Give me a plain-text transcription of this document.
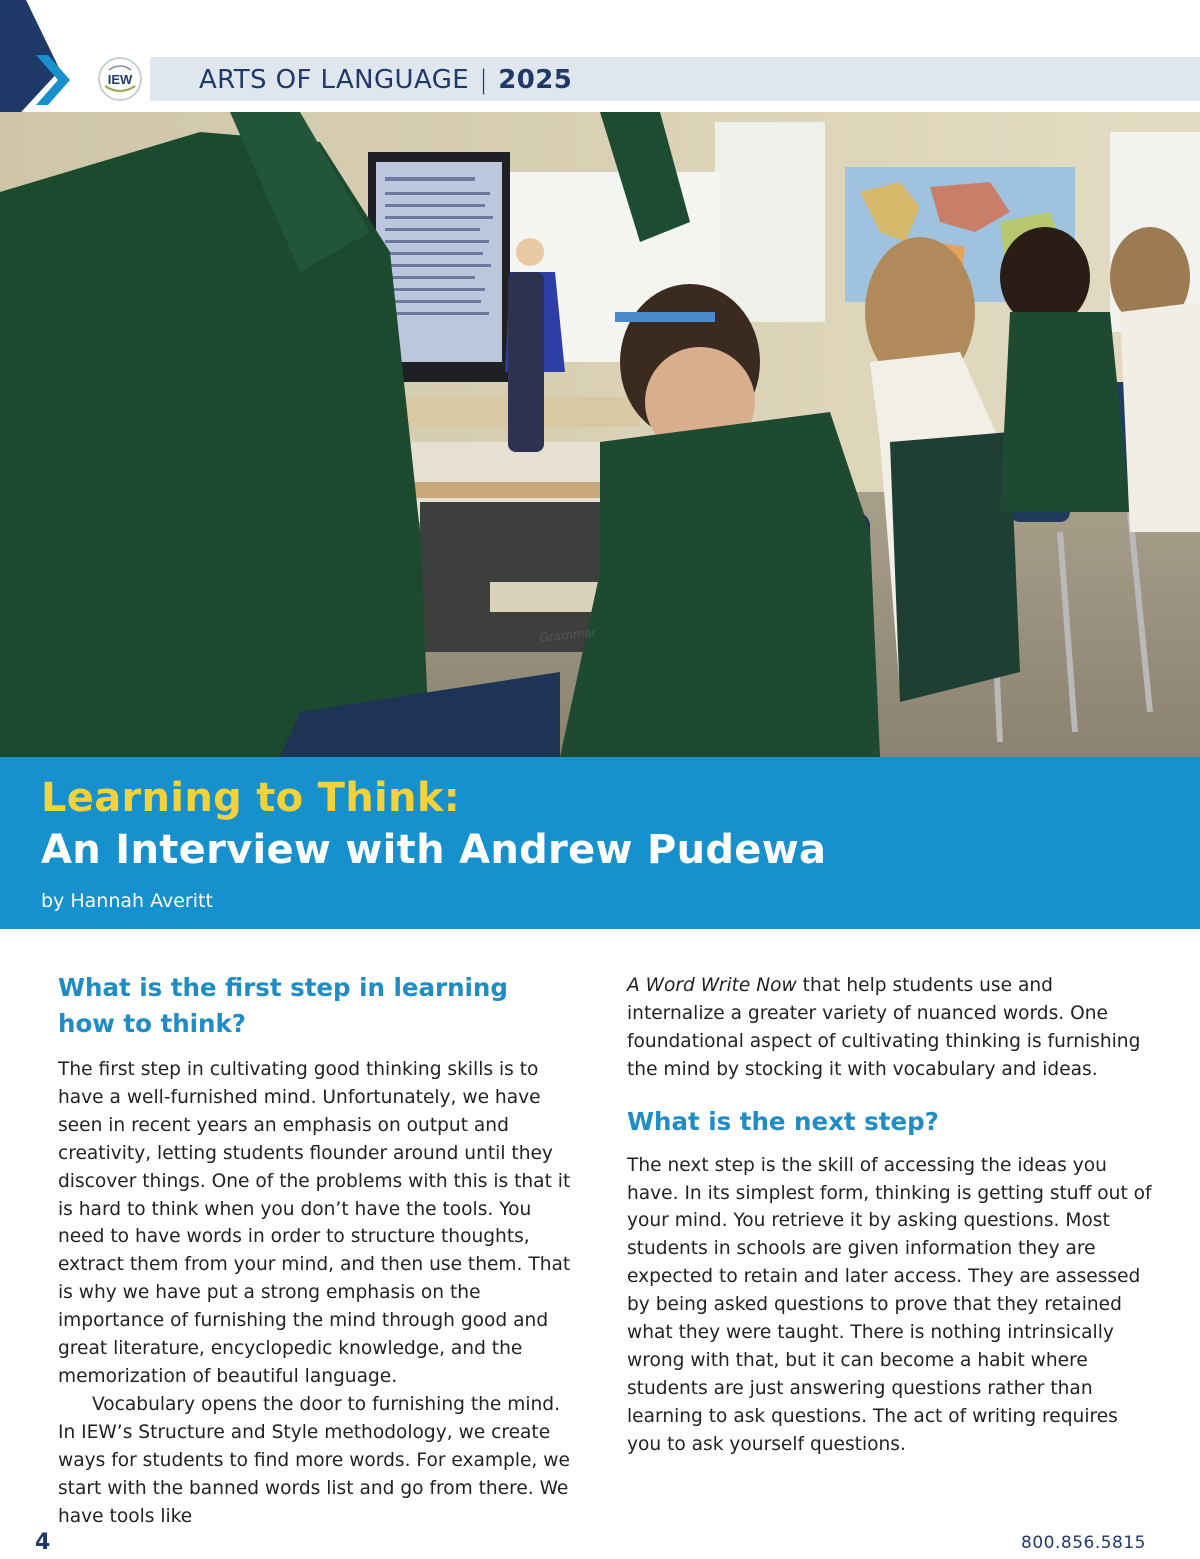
IEW	ARTS OF LANGUAGE | 2025
Grammar
Learning to Think:
An Interview with Andrew Pudewa
by Hannah Averitt
What is the first step in learning how to think?

The first step in cultivating good thinking skills is to have a well-furnished mind. Unfortunately, we have seen in recent years an emphasis on output and creativity, letting students flounder around until they discover things. One of the problems with this is that it is hard to think when you don’t have the tools. You need to have words in order to structure thoughts, extract them from your mind, and then use them. That is why we have put a strong emphasis on the importance of furnishing the mind through good and great literature, encyclopedic knowledge, and the memorization of beautiful language.

Vocabulary opens the door to furnishing the mind. In IEW’s Structure and Style methodology, we create ways for students to find more words. For example, we start with the banned words list and go from there. We have tools like

A Word Write Now that help students use and internalize a greater variety of nuanced words. One foundational aspect of cultivating thinking is furnishing the mind by stocking it with vocabulary and ideas.

What is the next step?

The next step is the skill of accessing the ideas you have. In its simplest form, thinking is getting stuff out of your mind. You retrieve it by asking questions. Most students in schools are given information they are expected to retain and later access. They are assessed by being asked questions to prove that they retained what they were taught. There is nothing intrinsically wrong with that, but it can become a habit where students are just answering questions rather than learning to ask questions. The act of writing requires you to ask yourself questions.

4	800.856.5815
